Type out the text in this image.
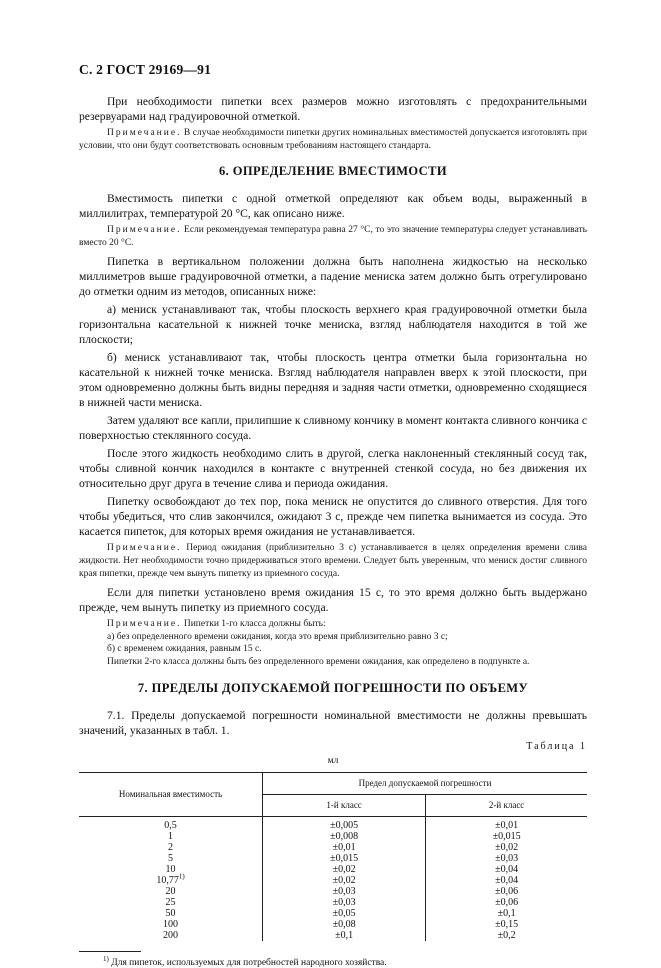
С. 2 ГОСТ 29169—91

При необходимости пипетки всех размеров можно изготовлять с предохранительными резервуарами над градуировочной отметкой.

Примечание. В случае необходимости пипетки других номинальных вместимостей допускается изготовлять при условии, что они будут соответствовать основным требованиям настоящего стандарта.

6. ОПРЕДЕЛЕНИЕ ВМЕСТИМОСТИ

Вместимость пипетки с одной отметкой определяют как объем воды, выраженный в миллилитрах, температурой 20 °С, как описано ниже.

Примечание. Если рекомендуемая температура равна 27 °С, то это значение температуры следует устанавливать вместо 20 °С.

Пипетка в вертикальном положении должна быть наполнена жидкостью на несколько миллиметров выше градуировочной отметки, а падение мениска затем должно быть отрегулировано до отметки одним из методов, описанных ниже:

а) мениск устанавливают так, чтобы плоскость верхнего края градуировочной отметки была горизонтальна касательной к нижней точке мениска, взгляд наблюдателя находится в той же плоскости;

б) мениск устанавливают так, чтобы плоскость центра отметки была горизонтальна но касательной к нижней точке мениска. Взгляд наблюдателя направлен вверх к этой плоскости, при этом одновременно должны быть видны передняя и задняя части отметки, одновременно сходящиеся в нижней части мениска.

Затем удаляют все капли, прилипшие к сливному кончику в момент контакта сливного кончика с поверхностью стеклянного сосуда.

После этого жидкость необходимо слить в другой, слегка наклоненный стеклянный сосуд так, чтобы сливной кончик находился в контакте с внутренней стенкой сосуда, но без движения их относительно друг друга в течение слива и периода ожидания.

Пипетку освобождают до тех пор, пока мениск не опустится до сливного отверстия. Для того чтобы убедиться, что слив закончился, ожидают 3 с, прежде чем пипетка вынимается из сосуда. Это касается пипеток, для которых время ожидания не устанавливается.

Примечание. Период ожидания (приблизительно 3 с) устанавливается в целях определения времени слива жидкости. Нет необходимости точно придерживаться этого времени. Следует быть уверенным, что мениск достиг сливного края пипетки, прежде чем вынуть пипетку из приемного сосуда.

Если для пипетки установлено время ожидания 15 с, то это время должно быть выдержано прежде, чем вынуть пипетку из приемного сосуда.

Примечание. Пипетки 1-го класса должны быть:

а) без определенного времени ожидания, когда это время приблизительно равно 3 с;

б) с временем ожидания, равным 15 с.

Пипетки 2-го класса должны быть без определенного времени ожидания, как определено в подпункте а.

7. ПРЕДЕЛЫ ДОПУСКАЕМОЙ ПОГРЕШНОСТИ ПО ОБЪЕМУ

7.1. Пределы допускаемой погрешности номинальной вместимости не должны превышать значений, указанных в табл. 1.

Таблица 1
мл
Номинальная вместимость	Предел допускаемой погрешности	
	1-й класс	2-й класс
0,5	±0,005	±0,01
1	±0,008	±0,015
2	±0,01	±0,02
5	±0,015	±0,03
10	±0,02	±0,04
$10,77^{1)}$	±0,02	±0,04
20	±0,03	±0,06
25	±0,03	±0,06
50	±0,05	±0,1
100	±0,08	±0,15
200	±0,1	±0,2

$^{1)}$ Для пипеток, используемых для потребностей народного хозяйства.
